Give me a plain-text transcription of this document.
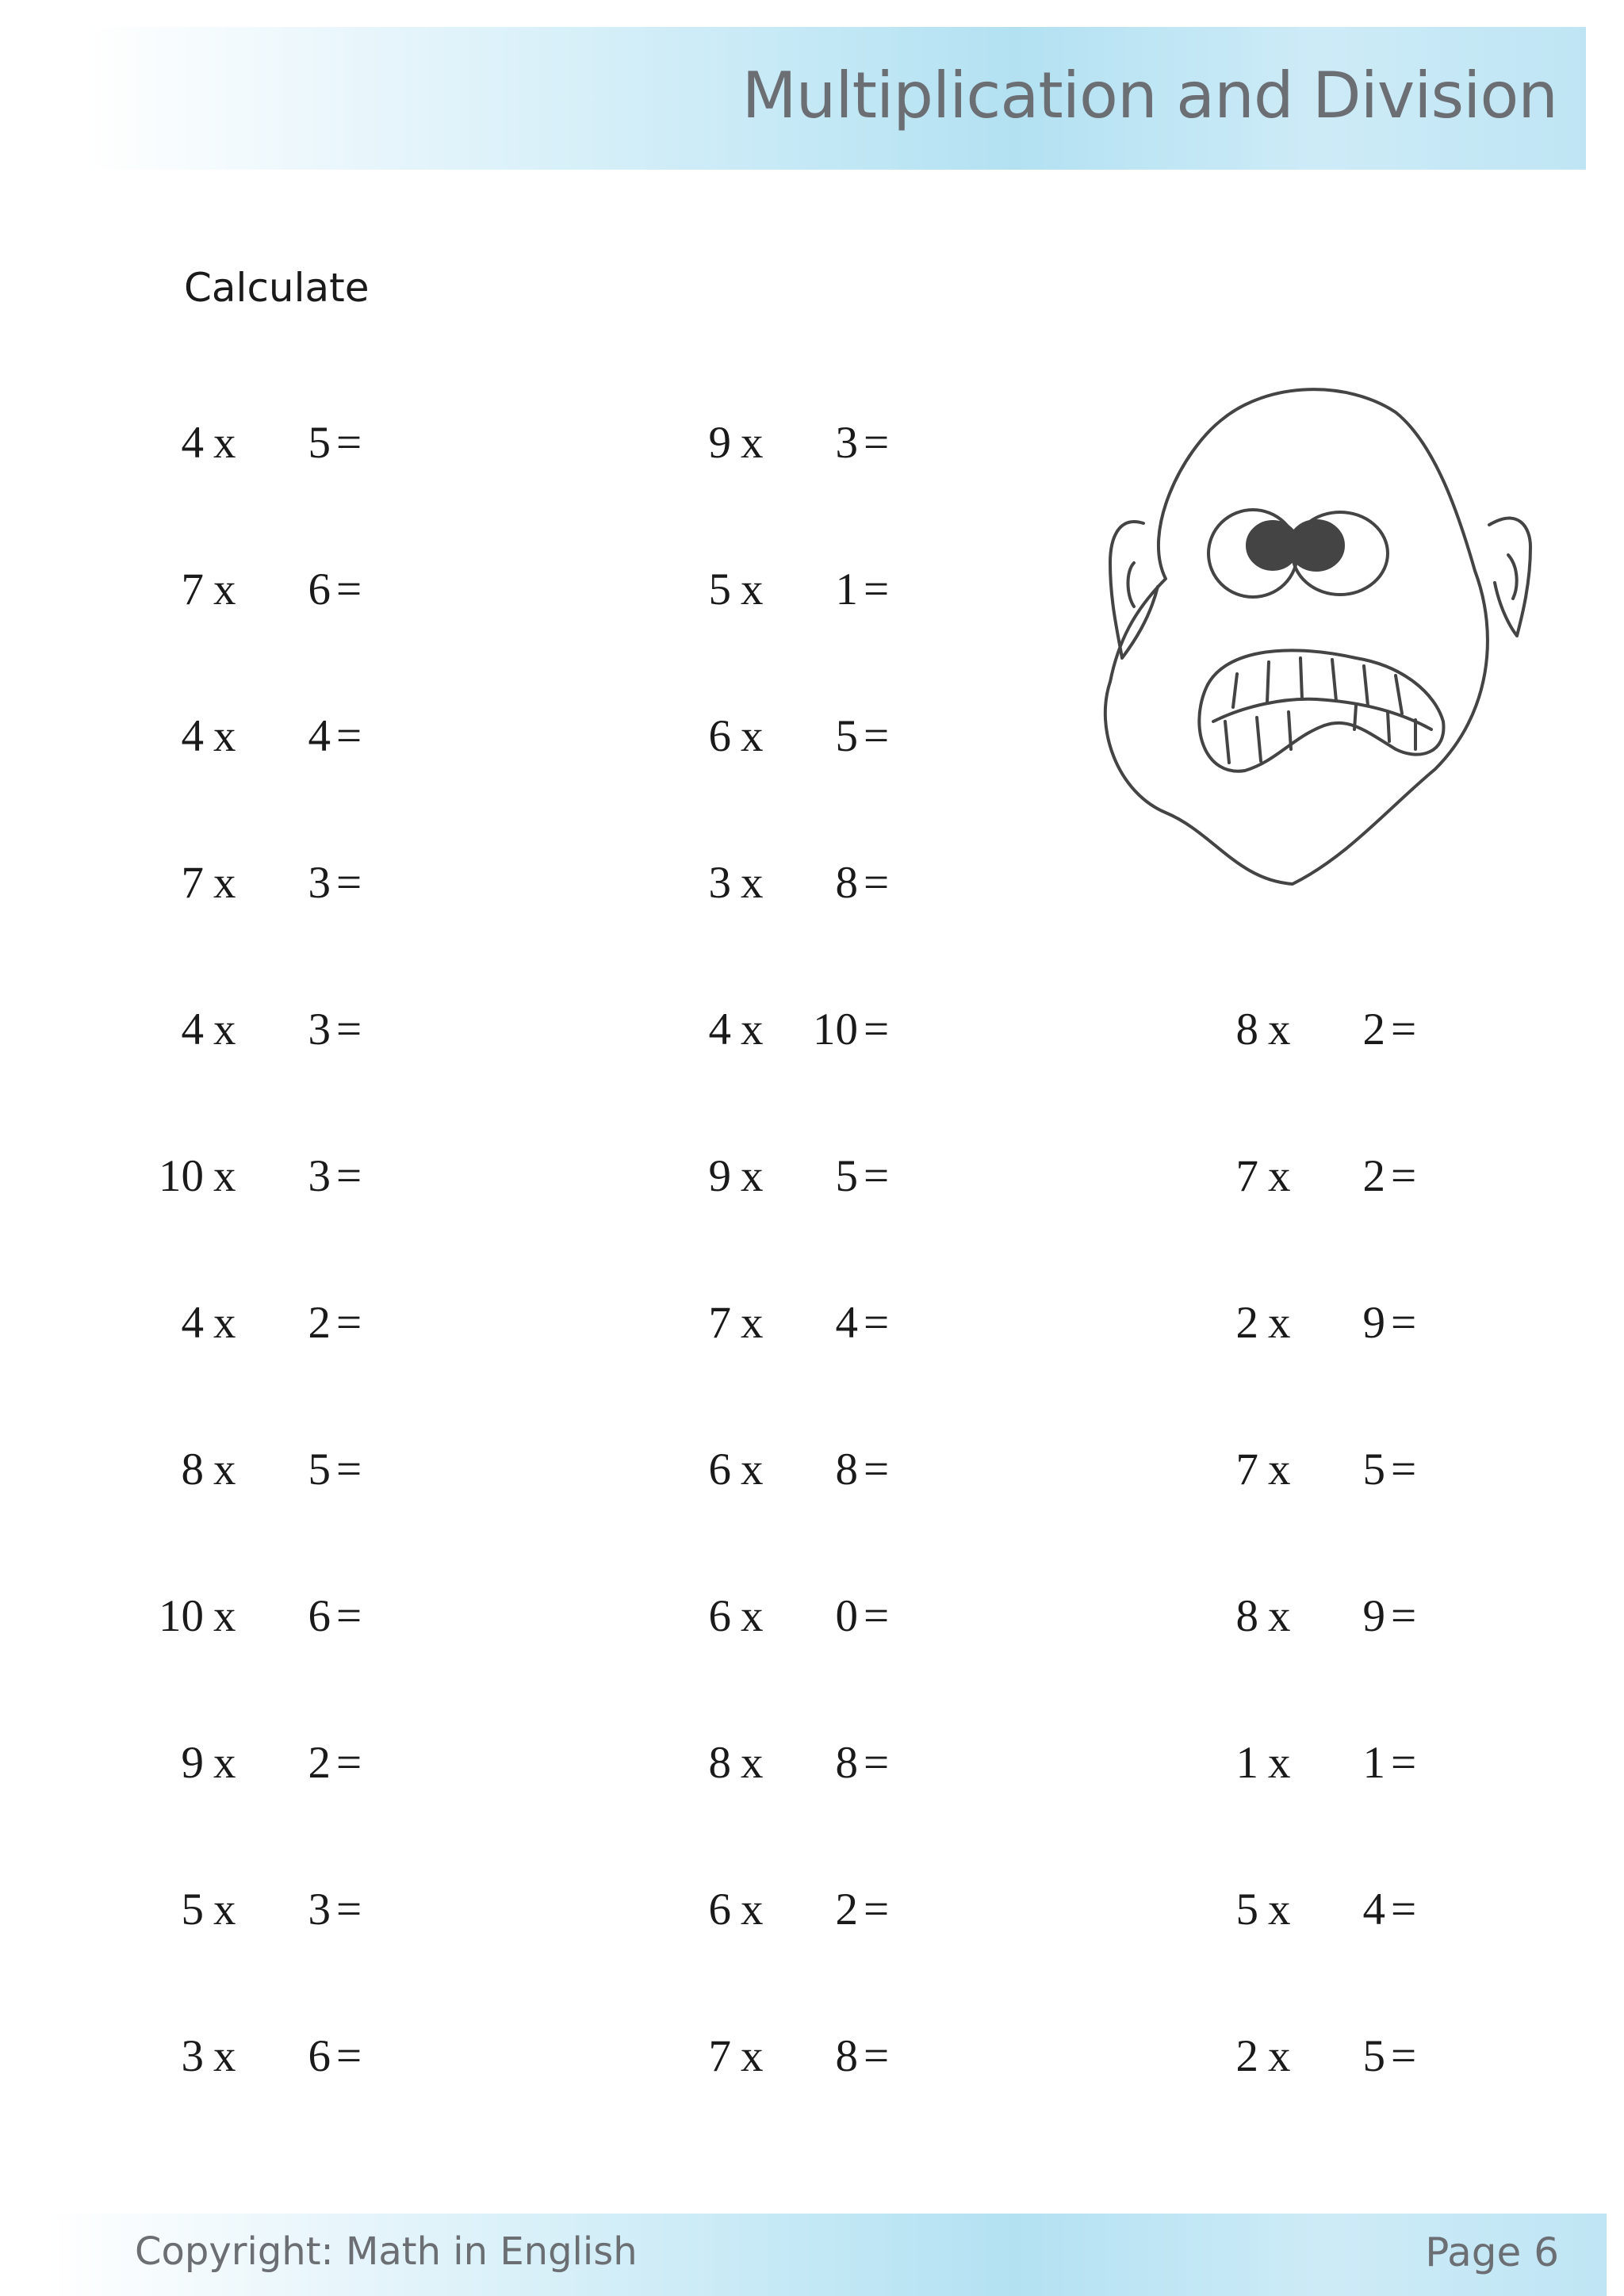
Multiplication and Division
Calculate
4 x 5 =
7 x 6 =
4 x 4 =
7 x 3 =
4 x 3 =
10 x 3 =
4 x 2 =
8 x 5 =
10 x 6 =
9 x 2 =
5 x 3 =
3 x 6 =
9 x 3 =
5 x 1 =
6 x 5 =
3 x 8 =
4 x 10 =
9 x 5 =
7 x 4 =
6 x 8 =
6 x 0 =
8 x 8 =
6 x 2 =
7 x 8 =
8 x 2 =
7 x 2 =
2 x 9 =
7 x 5 =
8 x 9 =
1 x 1 =
5 x 4 =
2 x 5 =
Copyright: Math in English	Page 6
